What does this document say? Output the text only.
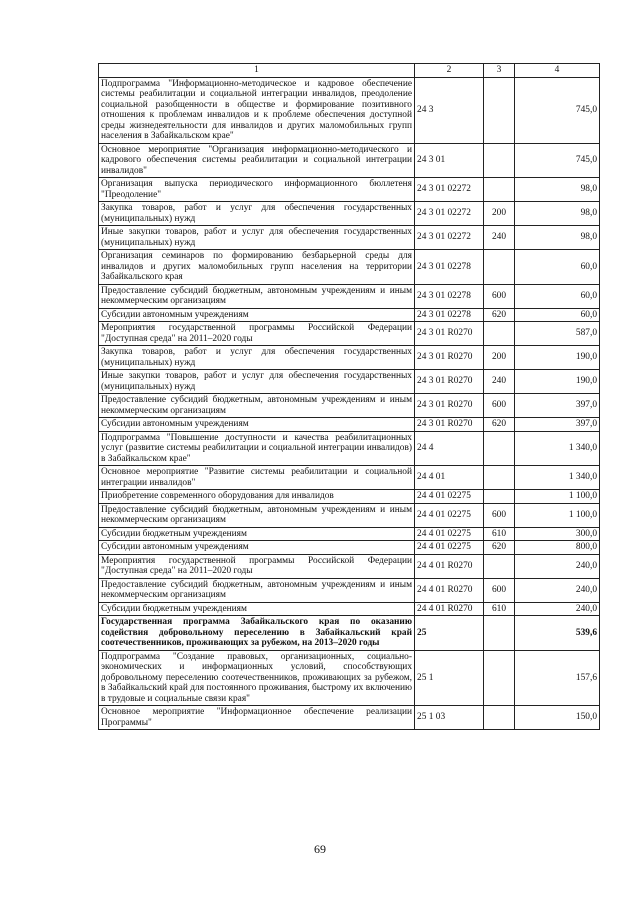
1	2	3	4
Подпрограмма "Информационно-методическое и кадровое обеспечение системы реабилитации и социальной интеграции инвалидов, преодоление социальной разобщенности в обществе и формирование позитивного отношения к проблемам инвалидов и к проблеме обеспечения доступной среды жизнедеятельности для инвалидов и других маломобильных групп населения в Забайкальском крае"	24 3		745,0
Основное мероприятие "Организация информационно-методического и кадрового обеспечения системы реабилитации и социальной интеграции инвалидов"	24 3 01		745,0
Организация выпуска периодического информационного бюллетеня "Преодоление"	24 3 01 02272		98,0
Закупка товаров, работ и услуг для обеспечения государственных (муниципальных) нужд	24 3 01 02272	200	98,0
Иные закупки товаров, работ и услуг для обеспечения государственных (муниципальных) нужд	24 3 01 02272	240	98,0
Организация семинаров по формированию безбарьерной среды для инвалидов и других маломобильных групп населения на территории Забайкальского края	24 3 01 02278		60,0
Предоставление субсидий бюджетным, автономным учреждениям и иным некоммерческим организациям	24 3 01 02278	600	60,0
Субсидии автономным учреждениям	24 3 01 02278	620	60,0
Мероприятия государственной программы Российской Федерации "Доступная среда" на 2011–2020 годы	24 3 01 R0270		587,0
Закупка товаров, работ и услуг для обеспечения государственных (муниципальных) нужд	24 3 01 R0270	200	190,0
Иные закупки товаров, работ и услуг для обеспечения государственных (муниципальных) нужд	24 3 01 R0270	240	190,0
Предоставление субсидий бюджетным, автономным учреждениям и иным некоммерческим организациям	24 3 01 R0270	600	397,0
Субсидии автономным учреждениям	24 3 01 R0270	620	397,0
Подпрограмма "Повышение доступности и качества реабилитационных услуг (развитие системы реабилитации и социальной интеграции инвалидов) в Забайкальском крае"	24 4		1 340,0
Основное мероприятие "Развитие системы реабилитации и социальной интеграции инвалидов"	24 4 01		1 340,0
Приобретение современного оборудования для инвалидов	24 4 01 02275		1 100,0
Предоставление субсидий бюджетным, автономным учреждениям и иным некоммерческим организациям	24 4 01 02275	600	1 100,0
Субсидии бюджетным учреждениям	24 4 01 02275	610	300,0
Субсидии автономным учреждениям	24 4 01 02275	620	800,0
Мероприятия государственной программы Российской Федерации "Доступная среда" на 2011–2020 годы	24 4 01 R0270		240,0
Предоставление субсидий бюджетным, автономным учреждениям и иным некоммерческим организациям	24 4 01 R0270	600	240,0
Субсидии бюджетным учреждениям	24 4 01 R0270	610	240,0
Государственная программа Забайкальского края по оказанию содействия добровольному переселению в Забайкальский край соотечественников, проживающих за рубежом, на 2013–2020 годы	25		539,6
Подпрограмма "Создание правовых, организационных, социально-экономических и информационных условий, способствующих добровольному переселению соотечественников, проживающих за рубежом, в Забайкальский край для постоянного проживания, быстрому их включению в трудовые и социальные связи края"	25 1		157,6
Основное мероприятие "Информационное обеспечение реализации Программы"	25 1 03		150,0
69
